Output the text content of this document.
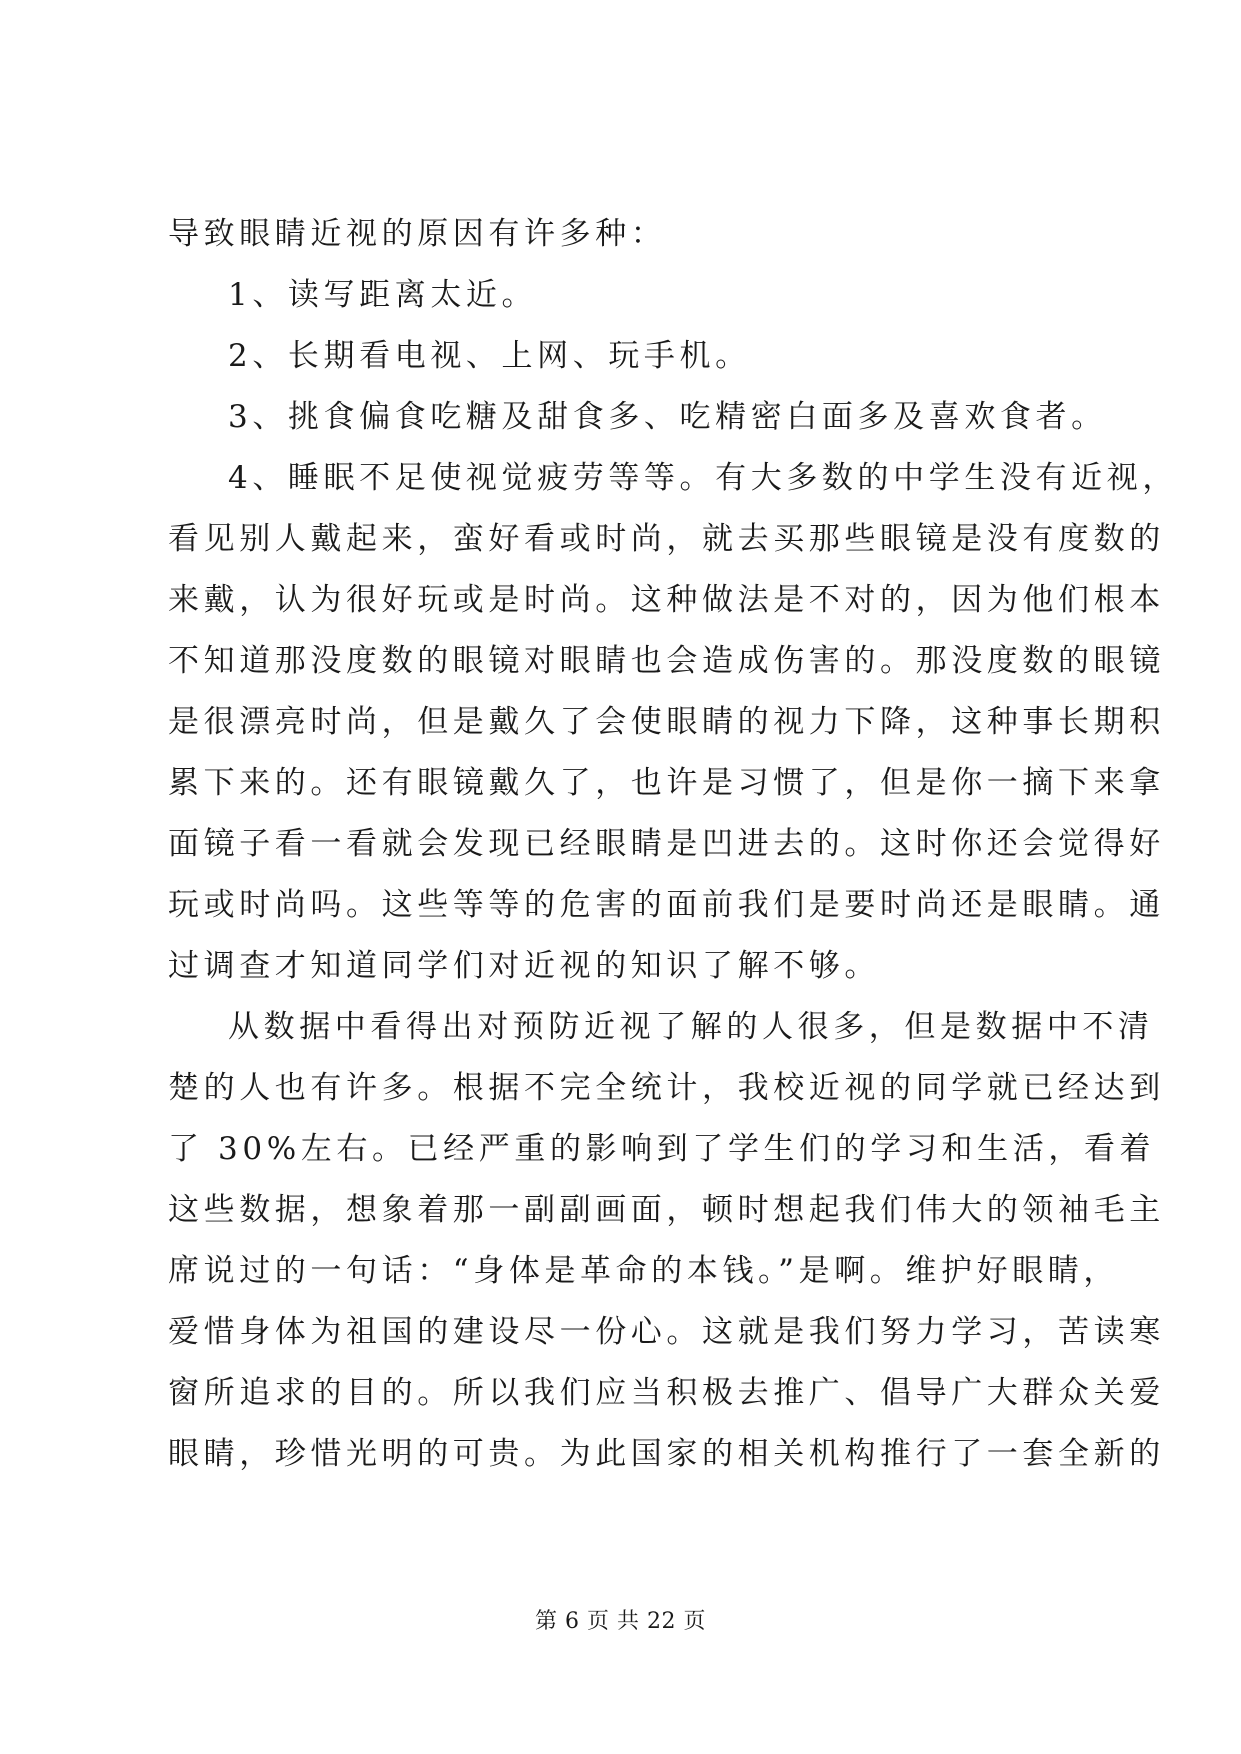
导致眼睛近视的原因有许多种：
1、读写距离太近。
2、长期看电视、上网、玩手机。
3、挑食偏食吃糖及甜食多、吃精密白面多及喜欢食者。
4、睡眠不足使视觉疲劳等等。有大多数的中学生没有近视，
看见别人戴起来，蛮好看或时尚，就去买那些眼镜是没有度数的
来戴，认为很好玩或是时尚。这种做法是不对的，因为他们根本
不知道那没度数的眼镜对眼睛也会造成伤害的。那没度数的眼镜
是很漂亮时尚，但是戴久了会使眼睛的视力下降，这种事长期积
累下来的。还有眼镜戴久了，也许是习惯了，但是你一摘下来拿
面镜子看一看就会发现已经眼睛是凹进去的。这时你还会觉得好
玩或时尚吗。这些等等的危害的面前我们是要时尚还是眼睛。通
过调查才知道同学们对近视的知识了解不够。
从数据中看得出对预防近视了解的人很多，但是数据中不清
楚的人也有许多。根据不完全统计，我校近视的同学就已经达到
了 30%左右。已经严重的影响到了学生们的学习和生活，看着
这些数据，想象着那一副副画面，顿时想起我们伟大的领袖毛主
席说过的一句话：“身体是革命的本钱。”是啊。维护好眼睛，
爱惜身体为祖国的建设尽一份心。这就是我们努力学习，苦读寒
窗所追求的目的。所以我们应当积极去推广、倡导广大群众关爱
眼睛，珍惜光明的可贵。为此国家的相关机构推行了一套全新的
第 6 页 共 22 页
